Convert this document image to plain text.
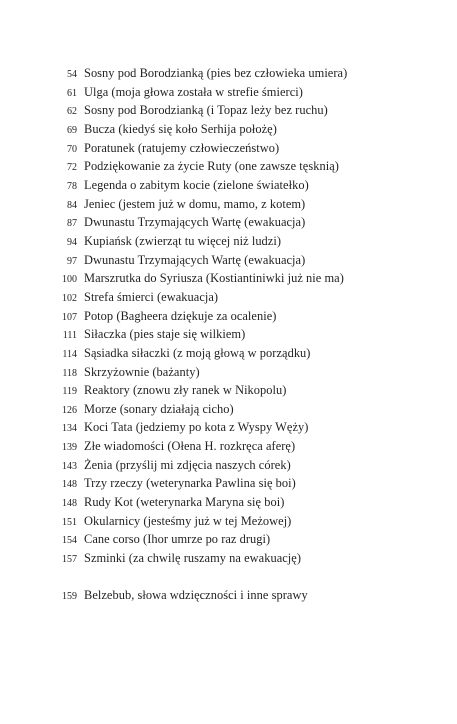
54 Sosny pod Borodzianką (pies bez człowieka umiera)
61 Ulga (moja głowa została w strefie śmierci)
62 Sosny pod Borodzianką (i Topaz leży bez ruchu)
69 Bucza (kiedyś się koło Serhija położę)
70 Poratunek (ratujemy człowieczeństwo)
72 Podziękowanie za życie Ruty (one zawsze tęsknią)
78 Legenda o zabitym kocie (zielone światełko)
84 Jeniec (jestem już w domu, mamo, z kotem)
87 Dwunastu Trzymających Wartę (ewakuacja)
94 Kupiańsk (zwierząt tu więcej niż ludzi)
97 Dwunastu Trzymających Wartę (ewakuacja)
100 Marszrutka do Syriusza (Kostiantiniwki już nie ma)
102 Strefa śmierci (ewakuacja)
107 Potop (Bagheera dziękuje za ocalenie)
111 Siłaczka (pies staje się wilkiem)
114 Sąsiadka siłaczki (z moją głową w porządku)
118 Skrzyżownie (bażanty)
119 Reaktory (znowu zły ranek w Nikopolu)
126 Morze (sonary działają cicho)
134 Koci Tata (jedziemy po kota z Wyspy Węży)
139 Złe wiadomości (Ołena H. rozkręca aferę)
143 Żenia (przyślij mi zdjęcia naszych córek)
148 Trzy rzeczy (weterynarka Pawlina się boi)
148 Rudy Kot (weterynarka Maryna się boi)
151 Okularnicy (jesteśmy już w tej Meżowej)
154 Cane corso (Ihor umrze po raz drugi)
157 Szminki (za chwilę ruszamy na ewakuację)
159 Belzebub, słowa wdzięczności i inne sprawy
